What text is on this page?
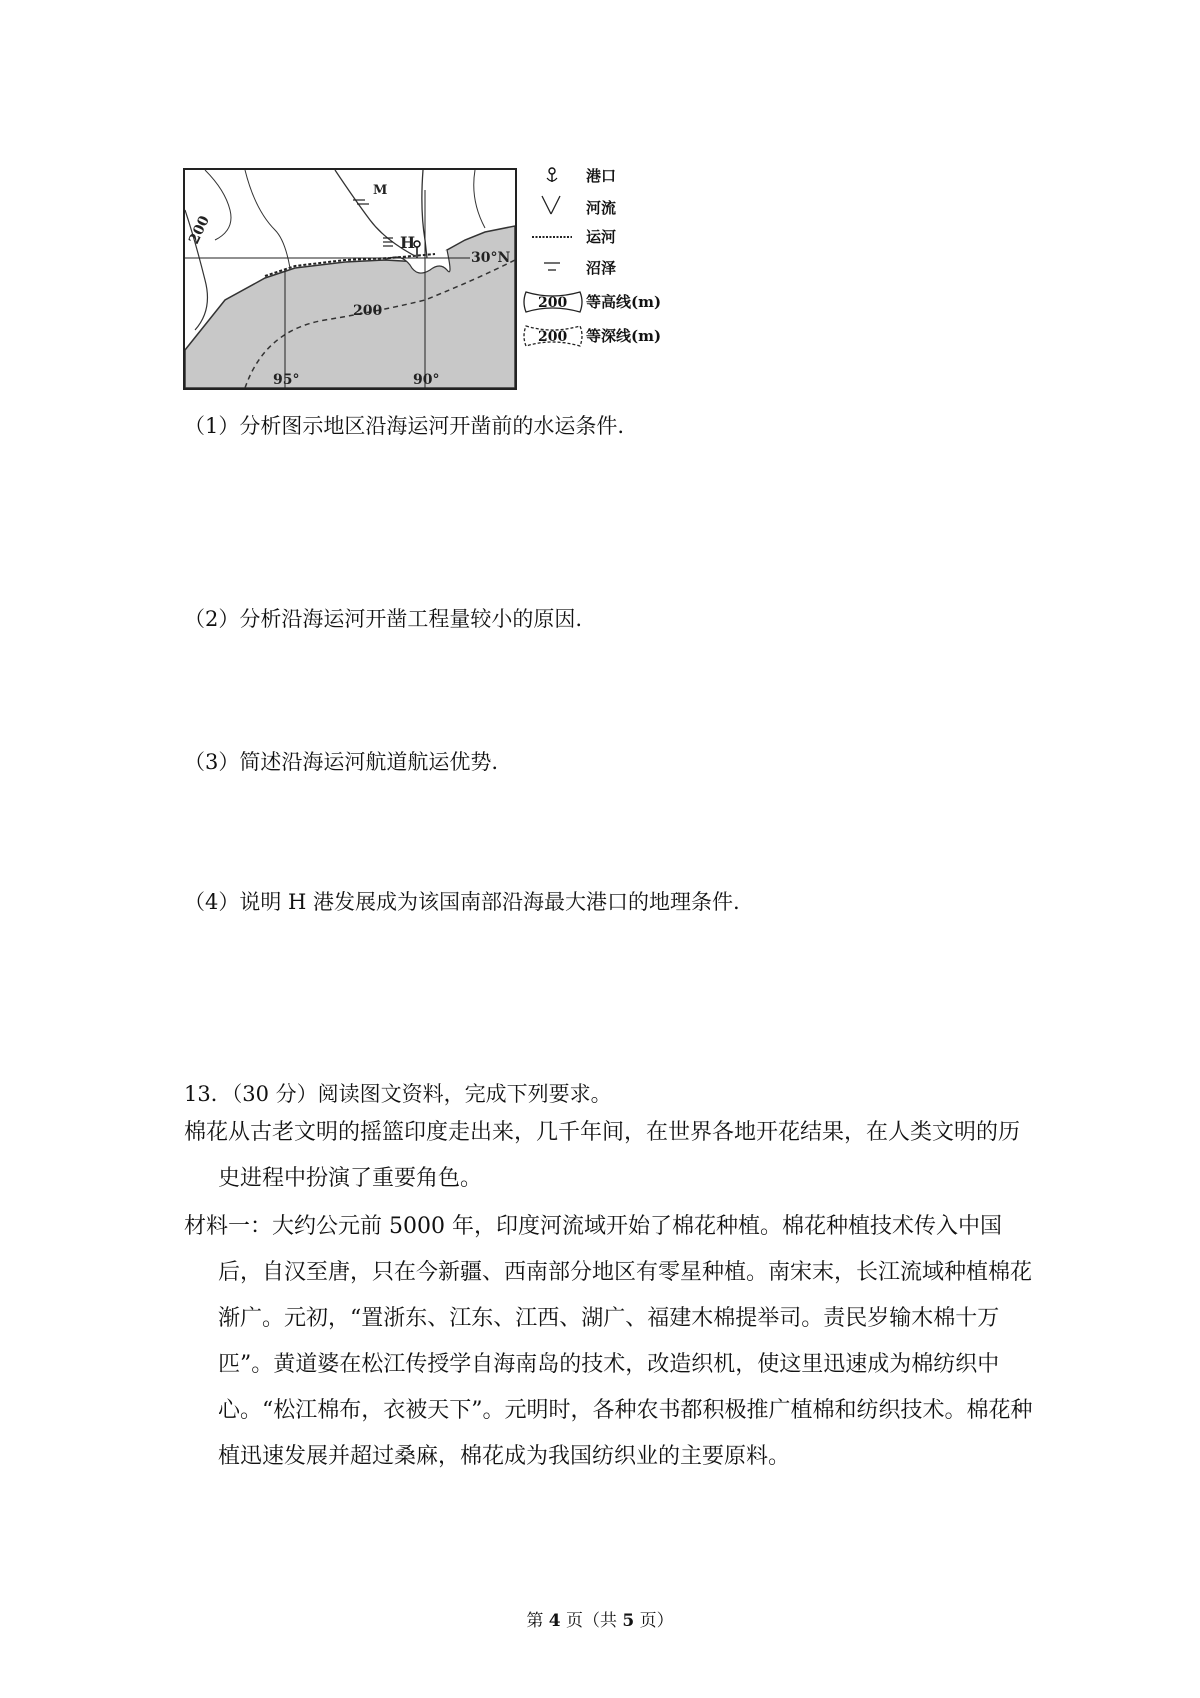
M
H
30°N
95°	90°
200
200
港口
河流
运河
沼泽
200 等高线(m)
200 等深线(m)
（1）分析图示地区沿海运河开凿前的水运条件.
（2）分析沿海运河开凿工程量较小的原因.
（3）简述沿海运河航道航运优势.
（4）说明 H 港发展成为该国南部沿海最大港口的地理条件.
13．（30 分）阅读图文资料，完成下列要求。
棉花从古老文明的摇篮印度走出来，几千年间，在世界各地开花结果，在人类文明的历史进程中扮演了重要角色。
材料一：大约公元前 5000 年，印度河流域开始了棉花种植。棉花种植技术传入中国后，自汉至唐，只在今新疆、西南部分地区有零星种植。南宋末，长江流域种植棉花渐广。元初，“置浙东、江东、江西、湖广、福建木棉提举司。责民岁输木棉十万匹”。黄道婆在松江传授学自海南岛的技术，改造织机，使这里迅速成为棉纺织中心。“松江棉布，衣被天下”。元明时，各种农书都积极推广植棉和纺织技术。棉花种植迅速发展并超过桑麻，棉花成为我国纺织业的主要原料。
第 4 页（共 5 页）
